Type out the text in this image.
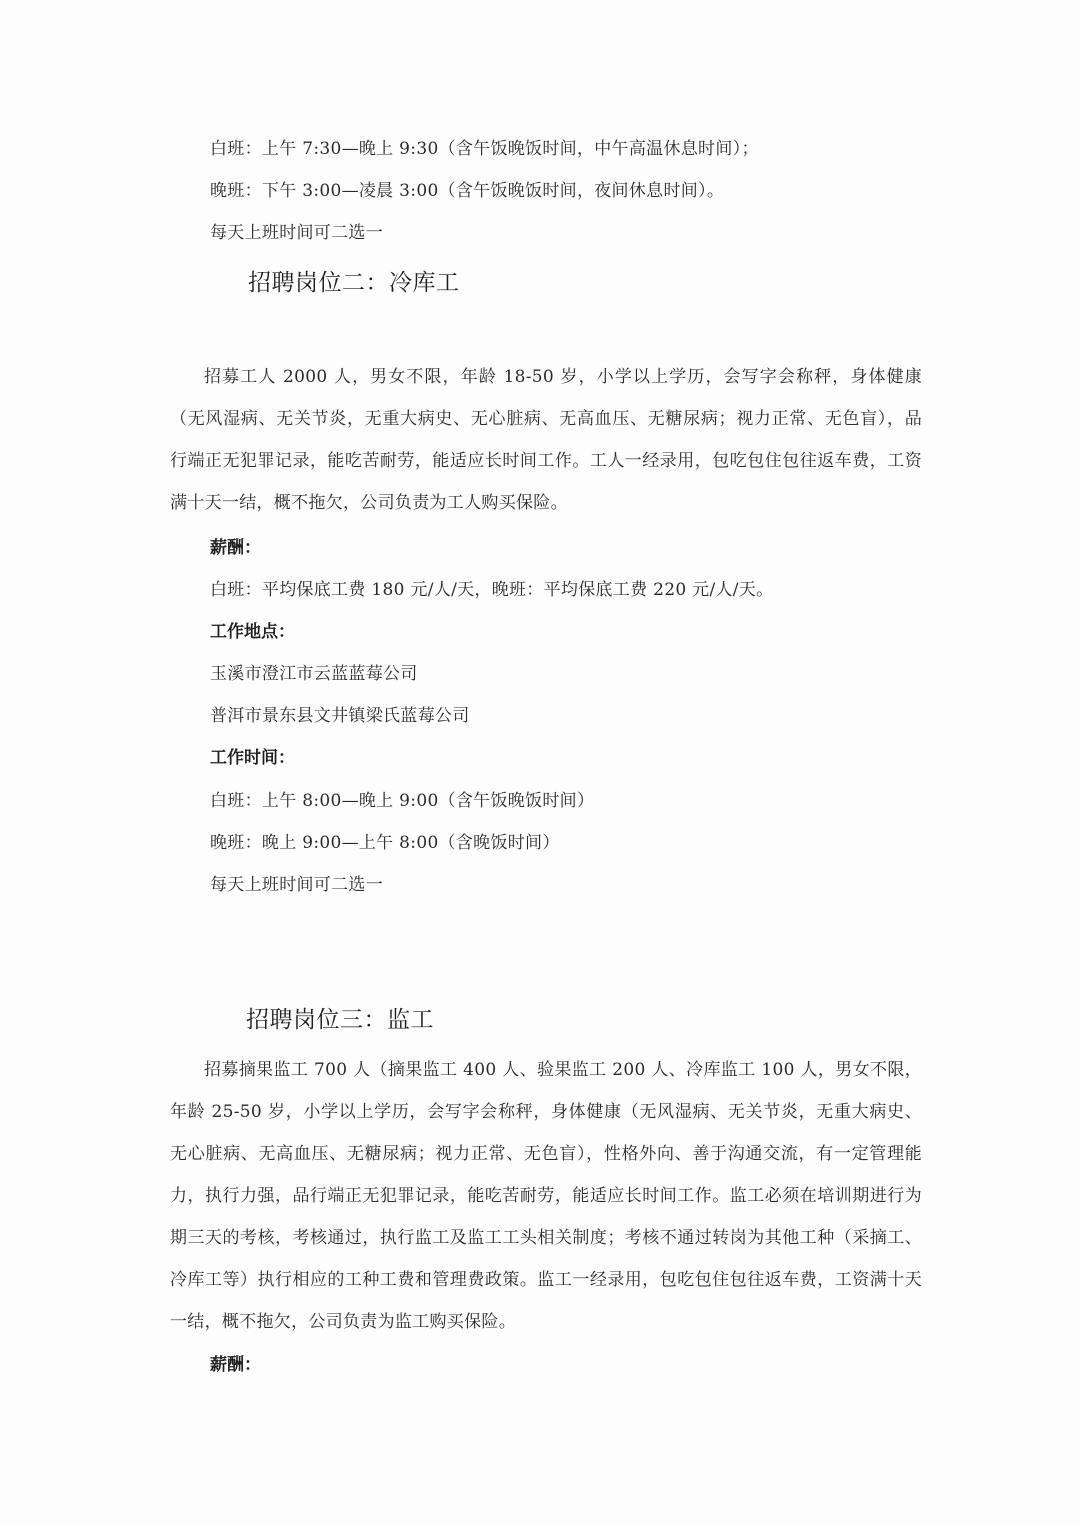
白班：上午 7:30—晚上 9:30（含午饭晚饭时间，中午高温休息时间）；
晚班：下午 3:00—凌晨 3:00（含午饭晚饭时间，夜间休息时间）。
每天上班时间可二选一
招聘岗位二：冷库工
招募工人 2000 人，男女不限，年龄 18-50 岁，小学以上学历，会写字会称秤，身体健康（无风湿病、无关节炎，无重大病史、无心脏病、无高血压、无糖尿病；视力正常、无色盲），品行端正无犯罪记录，能吃苦耐劳，能适应长时间工作。工人一经录用，包吃包住包往返车费，工资满十天一结，概不拖欠，公司负责为工人购买保险。
薪酬：
白班：平均保底工费 180 元/人/天，晚班：平均保底工费 220 元/人/天。
工作地点：
玉溪市澄江市云蓝蓝莓公司
普洱市景东县文井镇梁氏蓝莓公司
工作时间：
白班：上午 8:00—晚上 9:00（含午饭晚饭时间）
晚班：晚上 9:00—上午 8:00（含晚饭时间）
每天上班时间可二选一
招聘岗位三：监工
招募摘果监工 700 人（摘果监工 400 人、验果监工 200 人、冷库监工 100 人，男女不限，年龄 25-50 岁，小学以上学历，会写字会称秤，身体健康（无风湿病、无关节炎，无重大病史、无心脏病、无高血压、无糖尿病；视力正常、无色盲），性格外向、善于沟通交流，有一定管理能力，执行力强，品行端正无犯罪记录，能吃苦耐劳，能适应长时间工作。监工必须在培训期进行为期三天的考核，考核通过，执行监工及监工工头相关制度；考核不通过转岗为其他工种（采摘工、冷库工等）执行相应的工种工费和管理费政策。监工一经录用，包吃包住包往返车费，工资满十天一结，概不拖欠，公司负责为监工购买保险。
薪酬：
